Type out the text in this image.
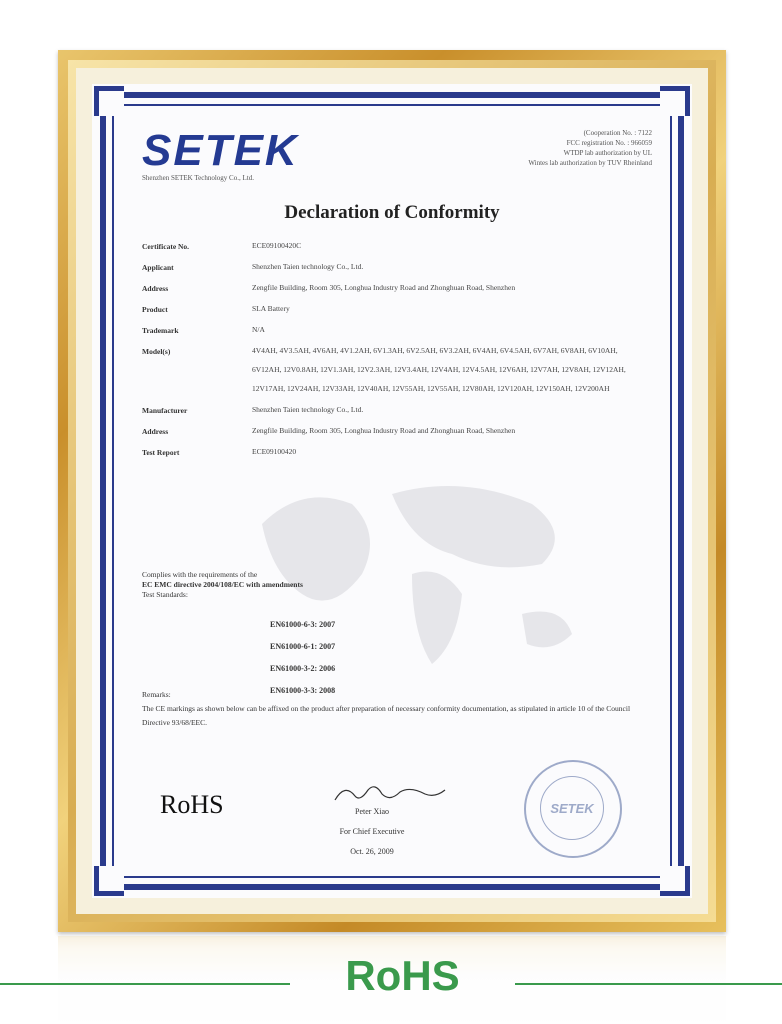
SETEK
Shenzhen SETEK Technology Co., Ltd.
(Cooperation No. : 7122
FCC registration No. : 966059
WTDP lab authorization by UL
Wintes lab authorization by TUV Rheinland
Declaration of Conformity
Certificate No.	ECE09100420C
Applicant	Shenzhen Taien technology Co., Ltd.
Address	Zengfile Building, Room 305, Longhua Industry Road and Zhonghuan Road, Shenzhen
Product	SLA Battery
Trademark	N/A
Model(s)	4V4AH, 4V3.5AH, 4V6AH, 4V1.2AH, 6V1.3AH, 6V2.5AH, 6V3.2AH, 6V4AH, 6V4.5AH, 6V7AH, 6V8AH, 6V10AH, 6V12AH, 12V0.8AH, 12V1.3AH, 12V2.3AH, 12V3.4AH, 12V4AH, 12V4.5AH, 12V6AH, 12V7AH, 12V8AH, 12V12AH, 12V17AH, 12V24AH, 12V33AH, 12V40AH, 12V55AH, 12V55AH, 12V80AH, 12V120AH, 12V150AH, 12V200AH
Manufacturer	Shenzhen Taien technology Co., Ltd.
Address	Zengfile Building, Room 305, Longhua Industry Road and Zhonghuan Road, Shenzhen
Test Report	ECE09100420
Complies with the requirements of the
EC EMC directive 2004/108/EC with amendments
Test Standards:
EN61000-6-3: 2007
EN61000-6-1: 2007
EN61000-3-2: 2006
EN61000-3-3: 2008
Remarks:
The CE markings as shown below can be affixed on the product after preparation of necessary conformity documentation, as stipulated in article 10 of the Council Directive 93/68/EEC.
RoHS	Peter Xiao
For Chief Executive
Oct. 26, 2009
SETEK
RoHS
